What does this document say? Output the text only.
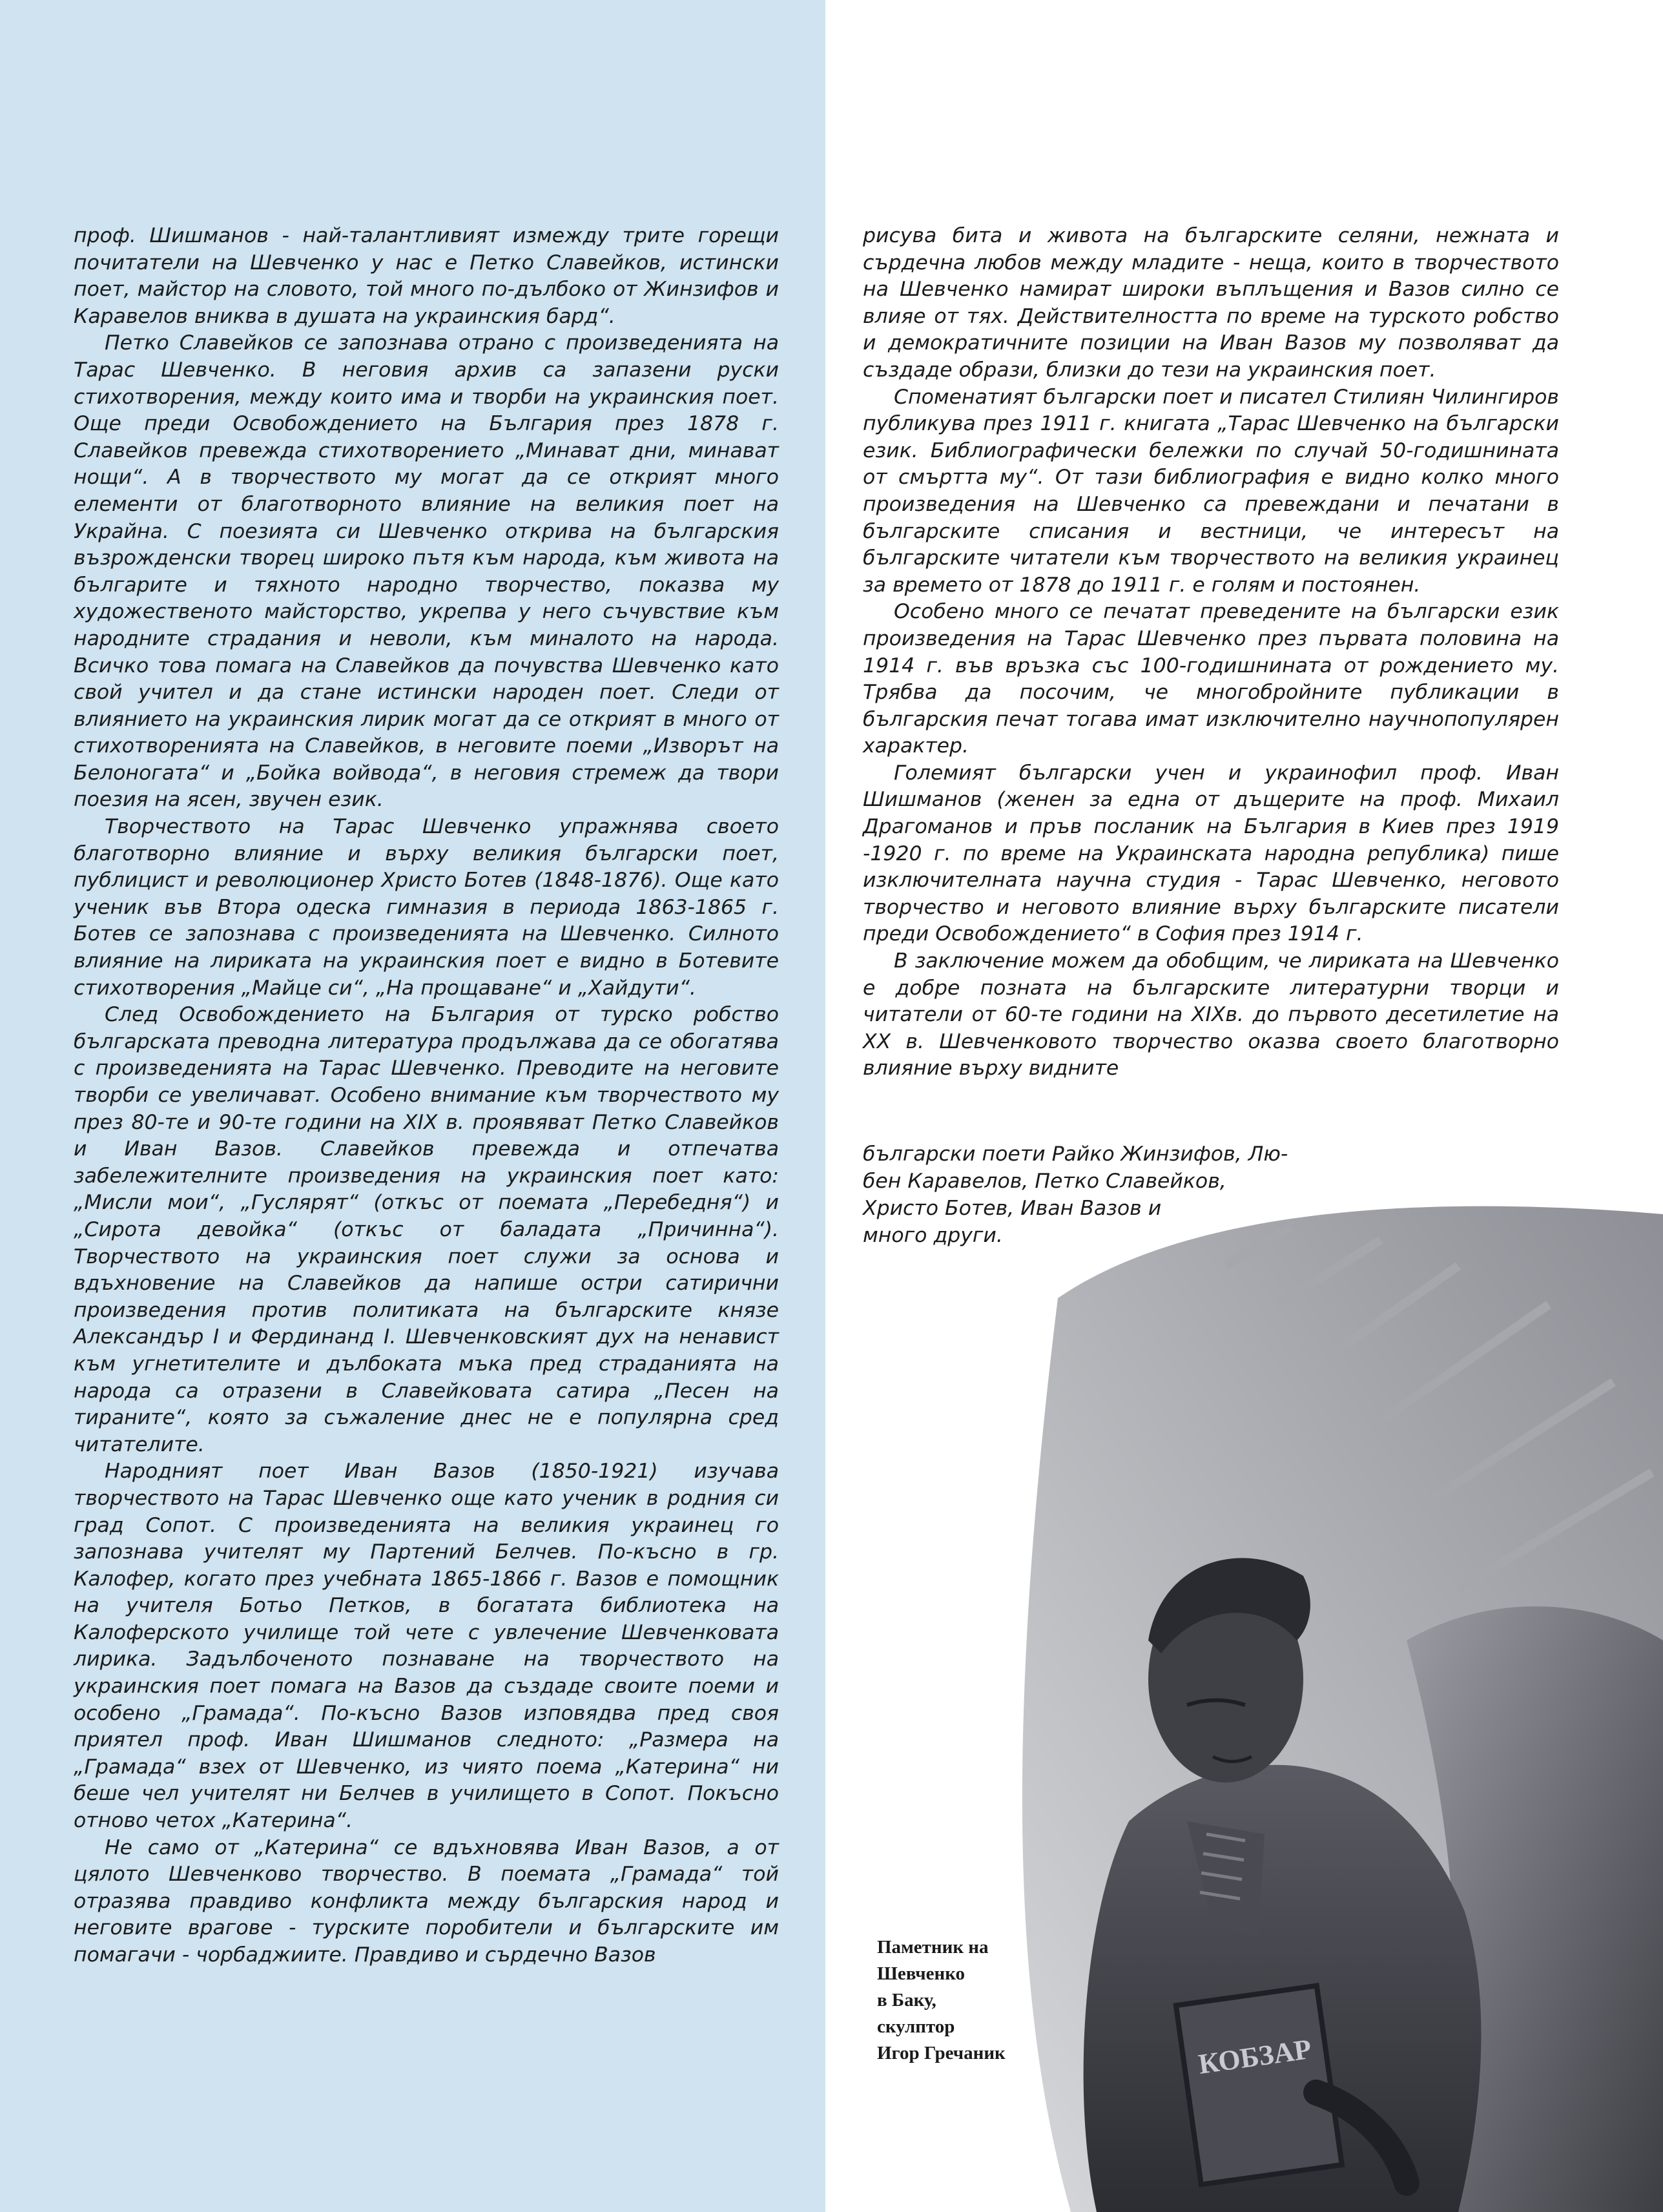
проф. Шишманов - най-талантливият измежду трите горещи почитатели на Шевченко у нас е Петко Славейков, истински поет, майстор на словото, той много по-дълбоко от Жинзифов и Каравелов вниква в душата на украинския бард“.

Петко Славейков се запознава отрано с произведенията на Тарас Шевченко. В неговия архив са запазени руски стихотворения, между които има и творби на украинския поет. Още преди Освобождението на България през 1878 г. Славейков превежда стихотворението „Минават дни, минават нощи“. А в творчеството му могат да се открият много елементи от благотворното влияние на великия поет на Украйна. С поезията си Шевченко открива на българския възрожденски творец широко пътя към народа, към живота на българите и тяхното народно творчество, показва му художественото майсторство, укрепва у него съчувствие към народните страдания и неволи, към миналото на народа. Всичко това помага на Славейков да почувства Шевченко като свой учител и да стане истински народен поет. Следи от влиянието на украинския лирик могат да се открият в много от стихотворенията на Славейков, в неговите поеми „Изворът на Белоногата“ и „Бойка войвода“, в неговия стремеж да твори поезия на ясен, звучен език.

Творчеството на Тарас Шевченко упражнява своето благотворно влияние и върху великия български поет, публицист и революционер Христо Ботев (1848-1876). Още като ученик във Втора одеска гимназия в периода 1863-1865 г. Ботев се запознава с произведенията на Шевченко. Силното влияние на лириката на украинския поет е видно в Ботевите стихотворения „Майце си“, „На прощаване“ и „Хайдути“.

След Освобождението на България от турско робство българската преводна литература продължава да се обогатява с произведенията на Тарас Шевченко. Преводите на неговите творби се увеличават. Особено внимание към творчеството му през 80-те и 90-те години на XIX в. проявяват Петко Славейков и Иван Вазов. Славейков превежда и отпечатва забележителните произведения на украинския поет като: „Мисли мои“, „Гуслярят“ (откъс от поемата „Перебедня“) и „Сирота девойка“ (откъс от баладата „Причинна“). Творчеството на украинския поет служи за основа и вдъхновение на Славейков да напише остри сатирични произведения против политиката на българските князе Александър I и Фердинанд I. Шевченковският дух на ненавист към угнетителите и дълбоката мъка пред страданията на народа са отразени в Славейковата сатира „Песен на тираните“, която за съжаление днес не е популярна сред читателите.

Народният поет Иван Вазов (1850-1921) изучава творчеството на Тарас Шевченко още като ученик в родния си град Сопот. С произведенията на великия украинец го запознава учителят му Партений Белчев. По-късно в гр. Калофер, когато през учебната 1865-1866 г. Вазов е помощник на учителя Ботьо Петков, в богатата библиотека на Калоферското училище той чете с увлечение Шевченковата лирика. Задълбоченото познаване на творчеството на украинския поет помага на Вазов да създаде своите поеми и особено „Грамада“. По-късно Вазов изповядва пред своя приятел проф. Иван Шишманов следното: „Размера на „Грамада“ взех от Шевченко, из чиято поема „Катерина“ ни беше чел учителят ни Белчев в училището в Сопот. Покъсно отново четох „Катерина“.

Не само от „Катерина“ се вдъхновява Иван Вазов, а от цялото Шевченково творчество. В поемата „Грамада“ той отразява правдиво конфликта между българския народ и неговите врагове - турските поробители и българските им помагачи - чорбаджиите. Правдиво и сърдечно Вазов

рисува бита и живота на българските селяни, нежната и сърдечна любов между младите - неща, които в творчеството на Шевченко намират широки въплъщения и Вазов силно се влияе от тях. Действителността по време на турското робство и демократичните позиции на Иван Вазов му позволяват да създаде образи, близки до тези на украинския поет.

Споменатият български поет и писател Стилиян Чилингиров публикува през 1911 г. книгата „Тарас Шевченко на български език. Библиографически бележки по случай 50-годишнината от смъртта му“. От тази библиография е видно колко много произведения на Шевченко са превеждани и печатани в българските списания и вестници, че интересът на българските читатели към творчеството на великия украинец за времето от 1878 до 1911 г. е голям и постоянен.

Особено много се печатат преведените на български език произведения на Тарас Шевченко през първата половина на 1914 г. във връзка със 100-годишнината от рождението му. Трябва да посочим, че многобройните публикации в българския печат тогава имат изключително научнопопулярен характер.

Големият български учен и украинофил проф. Иван Шишманов (женен за една от дъщерите на проф. Михаил Драгоманов и пръв посланик на България в Киев през 1919 -1920 г. по време на Украинската народна република) пише изключителната научна студия - Тарас Шевченко, неговото творчество и неговото влияние върху българските писатели преди Освобождението“ в София през 1914 г.

В заключение можем да обобщим, че лириката на Шевченко е добре позната на българските литературни творци и читатели от 60-те години на XIXв. до първото десетилетие на XX в. Шевченковото творчество оказва своето благотворно влияние върху видните

български поети Райко Жинзифов, Лю-
бен Каравелов, Петко Славейков,
Христо Ботев, Иван Вазов и
много други.
КОБЗАР
Паметник на
Шевченко
в Баку,
скулптор
Игор Гречаник
